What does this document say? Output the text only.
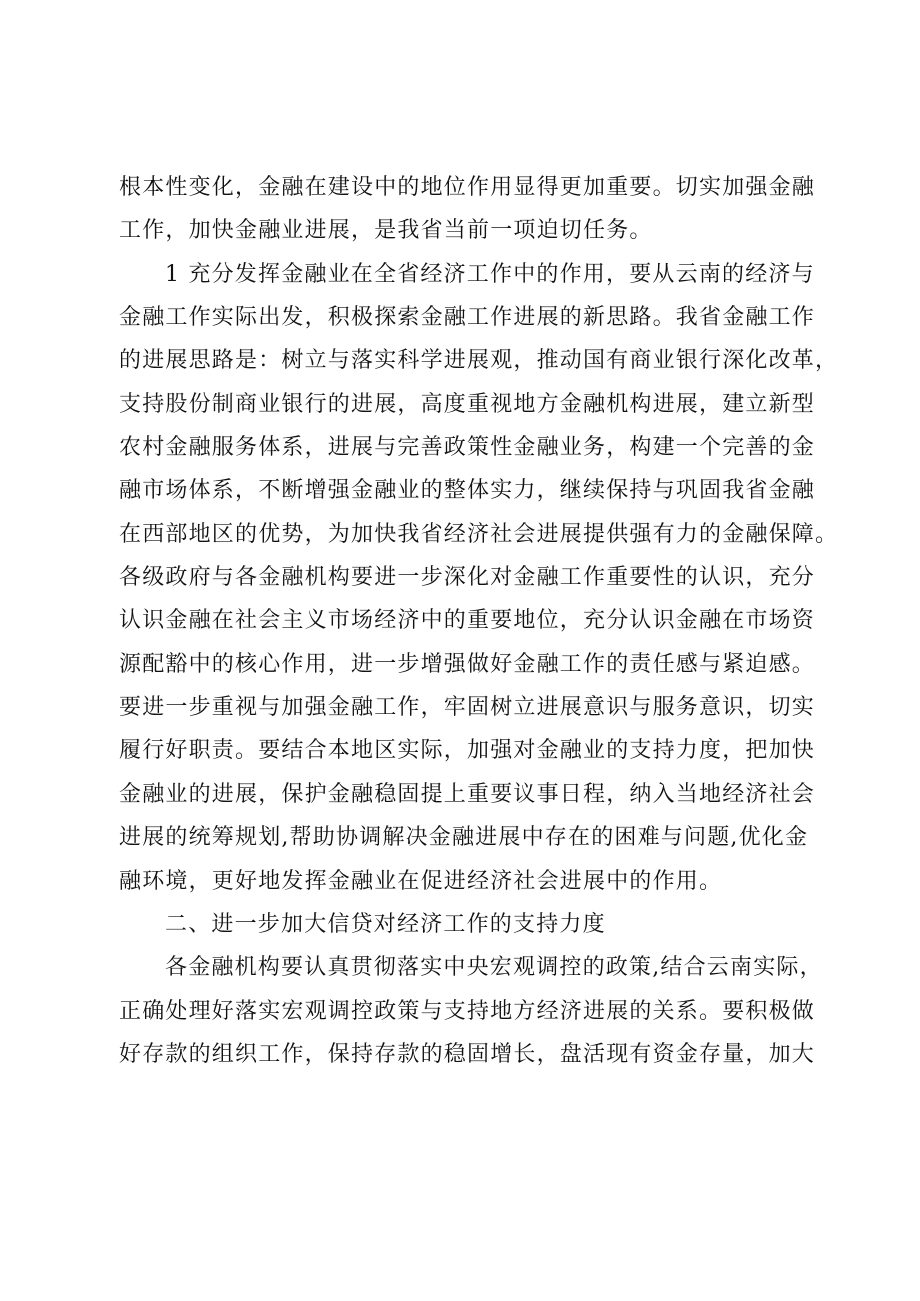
根本性变化，金融在建设中的地位作用显得更加重要。切实加强金融
工作，加快金融业进展，是我省当前一项迫切任务。
1 充分发挥金融业在全省经济工作中的作用，要从云南的经济与
金融工作实际出发，积极探索金融工作进展的新思路。我省金融工作
的进展思路是：树立与落实科学进展观，推动国有商业银行深化改革，
支持股份制商业银行的进展，高度重视地方金融机构进展，建立新型
农村金融服务体系，进展与完善政策性金融业务，构建一个完善的金
融市场体系，不断增强金融业的整体实力，继续保持与巩固我省金融
在西部地区的优势，为加快我省经济社会进展提供强有力的金融保障。
各级政府与各金融机构要进一步深化对金融工作重要性的认识，充分
认识金融在社会主义市场经济中的重要地位，充分认识金融在市场资
源配豁中的核心作用，进一步增强做好金融工作的责任感与紧迫感。
要进一步重视与加强金融工作，牢固树立进展意识与服务意识，切实
履行好职责。要结合本地区实际，加强对金融业的支持力度，把加快
金融业的进展，保护金融稳固提上重要议事日程，纳入当地经济社会
进展的统筹规划,帮助协调解决金融进展中存在的困难与问题,优化金
融环境，更好地发挥金融业在促进经济社会进展中的作用。
二、进一步加大信贷对经济工作的支持力度
各金融机构要认真贯彻落实中央宏观调控的政策,结合云南实际，
正确处理好落实宏观调控政策与支持地方经济进展的关系。要积极做
好存款的组织工作，保持存款的稳固增长，盘活现有资金存量，加大
